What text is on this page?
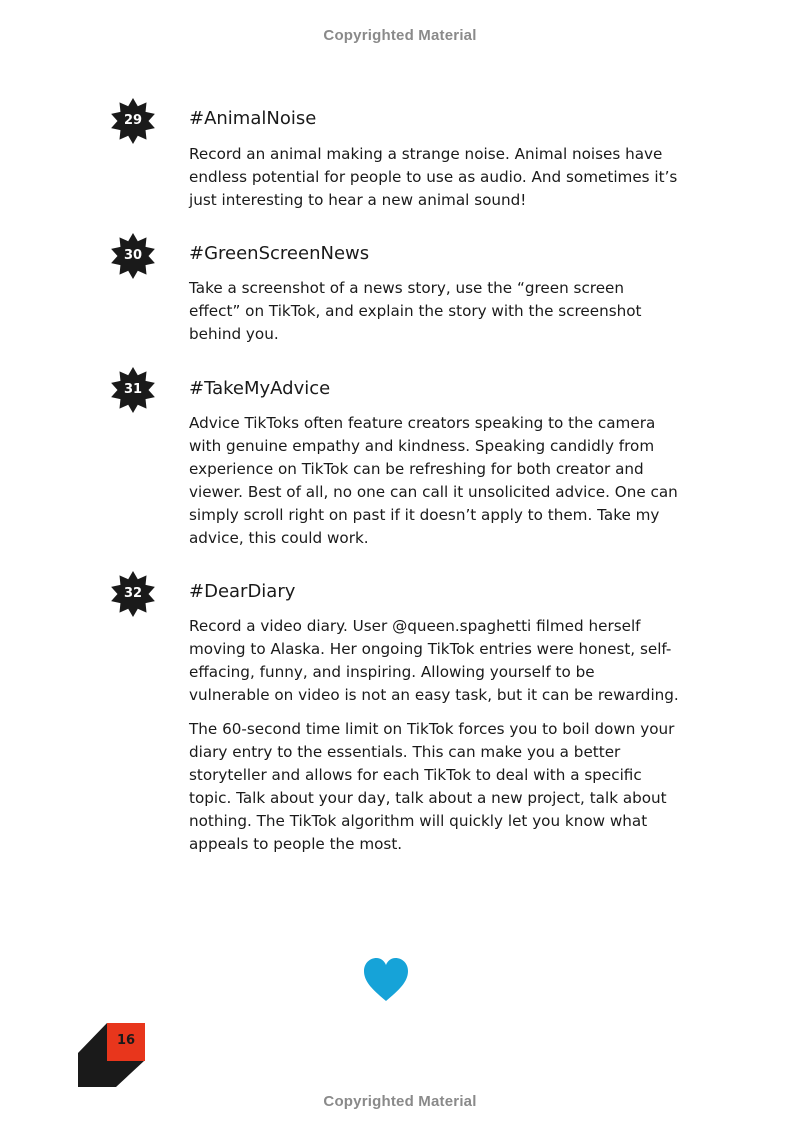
Copyrighted Material
29	#AnimalNoise

Record an animal making a strange noise. Animal noises have endless potential for people to use as audio. And sometimes it’s just interesting to hear a new animal sound!

30	#GreenScreenNews

Take a screenshot of a news story, use the “green screen effect” on TikTok, and explain the story with the screenshot behind you.

31	#TakeMyAdvice

Advice TikToks often feature creators speaking to the camera with genuine empathy and kindness. Speaking candidly from experience on TikTok can be refreshing for both creator and viewer. Best of all, no one can call it unsolicited advice. One can simply scroll right on past if it doesn’t apply to them. Take my advice, this could work.

32	#DearDiary

Record a video diary. User @queen.spaghetti filmed herself moving to Alaska. Her ongoing TikTok entries were honest, self-effacing, funny, and inspiring. Allowing yourself to be vulnerable on video is not an easy task, but it can be rewarding.

The 60-second time limit on TikTok forces you to boil down your diary entry to the essentials. This can make you a better storyteller and allows for each TikTok to deal with a specific topic. Talk about your day, talk about a new project, talk about nothing. The TikTok algorithm will quickly let you know what appeals to people the most.

16
Copyrighted Material
